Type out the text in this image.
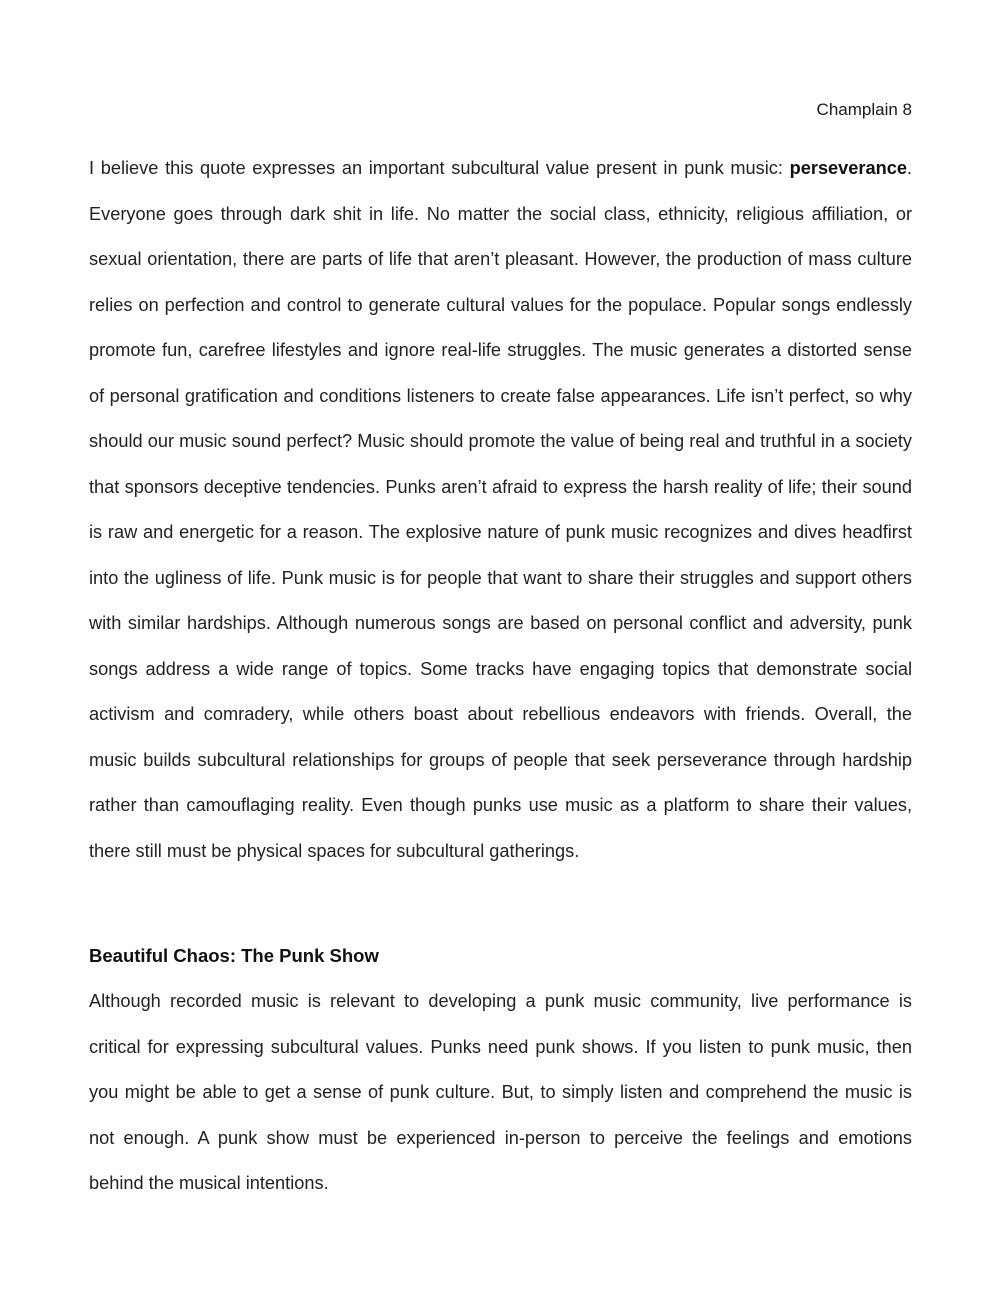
Champlain 8

I believe this quote expresses an important subcultural value present in punk music: perseverance. Everyone goes through dark shit in life. No matter the social class, ethnicity, religious affiliation, or sexual orientation, there are parts of life that aren’t pleasant. However, the production of mass culture relies on perfection and control to generate cultural values for the populace. Popular songs endlessly promote fun, carefree lifestyles and ignore real-life struggles. The music generates a distorted sense of personal gratification and conditions listeners to create false appearances. Life isn’t perfect, so why should our music sound perfect? Music should promote the value of being real and truthful in a society that sponsors deceptive tendencies. Punks aren’t afraid to express the harsh reality of life; their sound is raw and energetic for a reason. The explosive nature of punk music recognizes and dives headfirst into the ugliness of life. Punk music is for people that want to share their struggles and support others with similar hardships. Although numerous songs are based on personal conflict and adversity, punk songs address a wide range of topics. Some tracks have engaging topics that demonstrate social activism and comradery, while others boast about rebellious endeavors with friends. Overall, the music builds subcultural relationships for groups of people that seek perseverance through hardship rather than camouflaging reality. Even though punks use music as a platform to share their values, there still must be physical spaces for subcultural gatherings.

Beautiful Chaos: The Punk Show

Although recorded music is relevant to developing a punk music community, live performance is critical for expressing subcultural values. Punks need punk shows. If you listen to punk music, then you might be able to get a sense of punk culture. But, to simply listen and comprehend the music is not enough. A punk show must be experienced in-person to perceive the feelings and emotions behind the musical intentions.
